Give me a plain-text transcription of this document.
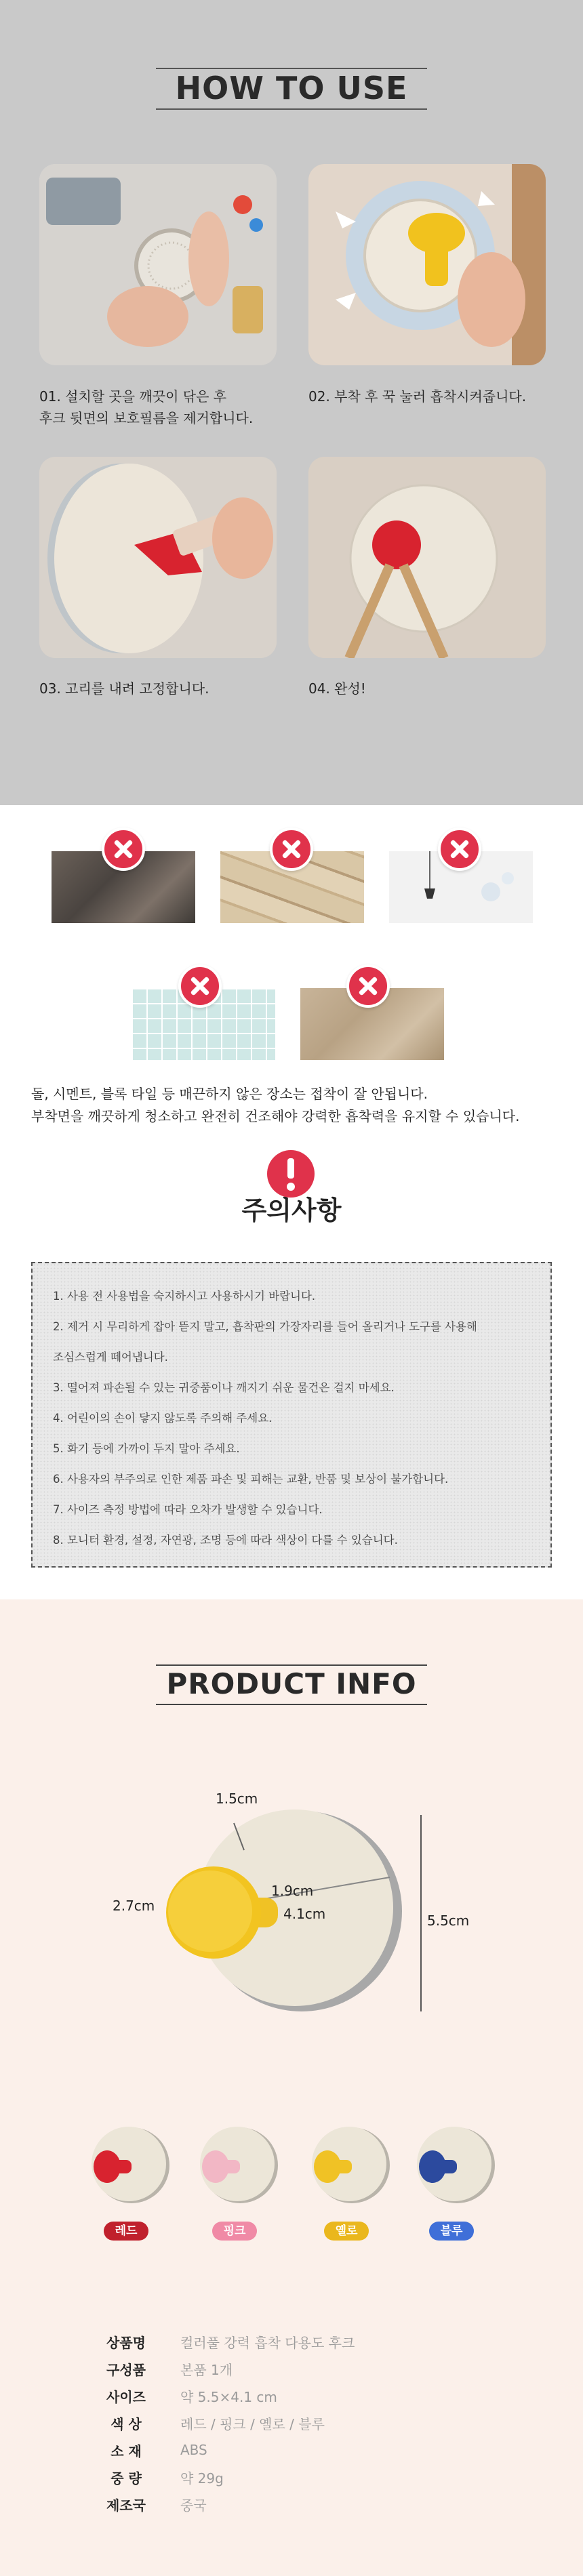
HOW TO USE
01. 설치할 곳을 깨끗이 닦은 후
후크 뒷면의 보호필름을 제거합니다.
02. 부착 후 꾹 눌러 흡착시켜줍니다.
03. 고리를 내려 고정합니다.	04. 완성!
돌, 시멘트, 블록 타일 등 매끈하지 않은 장소는 접착이 잘 안됩니다.
부착면을 깨끗하게 청소하고 완전히 건조해야 강력한 흡착력을 유지할 수 있습니다.
주의사항
1. 사용 전 사용법을 숙지하시고 사용하시기 바랍니다.
2. 제거 시 무리하게 잡아 뜯지 말고, 흡착판의 가장자리를 들어 올리거나 도구를 사용해
조심스럽게 떼어냅니다.
3. 떨어져 파손될 수 있는 귀중품이나 깨지기 쉬운 물건은 걸지 마세요.
4. 어린이의 손이 닿지 않도록 주의해 주세요.
5. 화기 등에 가까이 두지 말아 주세요.
6. 사용자의 부주의로 인한 제품 파손 및 피해는 교환, 반품 및 보상이 불가합니다.
7. 사이즈 측정 방법에 따라 오차가 발생할 수 있습니다.
8. 모니터 환경, 설정, 자연광, 조명 등에 따라 색상이 다를 수 있습니다.
PRODUCT INFO
1.5cm
2.7cm
1.9cm
4.1cm	5.5cm
레드	핑크	옐로	블루
상품명	컬러풀 강력 흡착 다용도 후크
구성품	본품 1개
사이즈	약 5.5×4.1 cm
색 상	레드 / 핑크 / 옐로 / 블루
소 재	ABS
중 량	약 29g
제조국	중국
